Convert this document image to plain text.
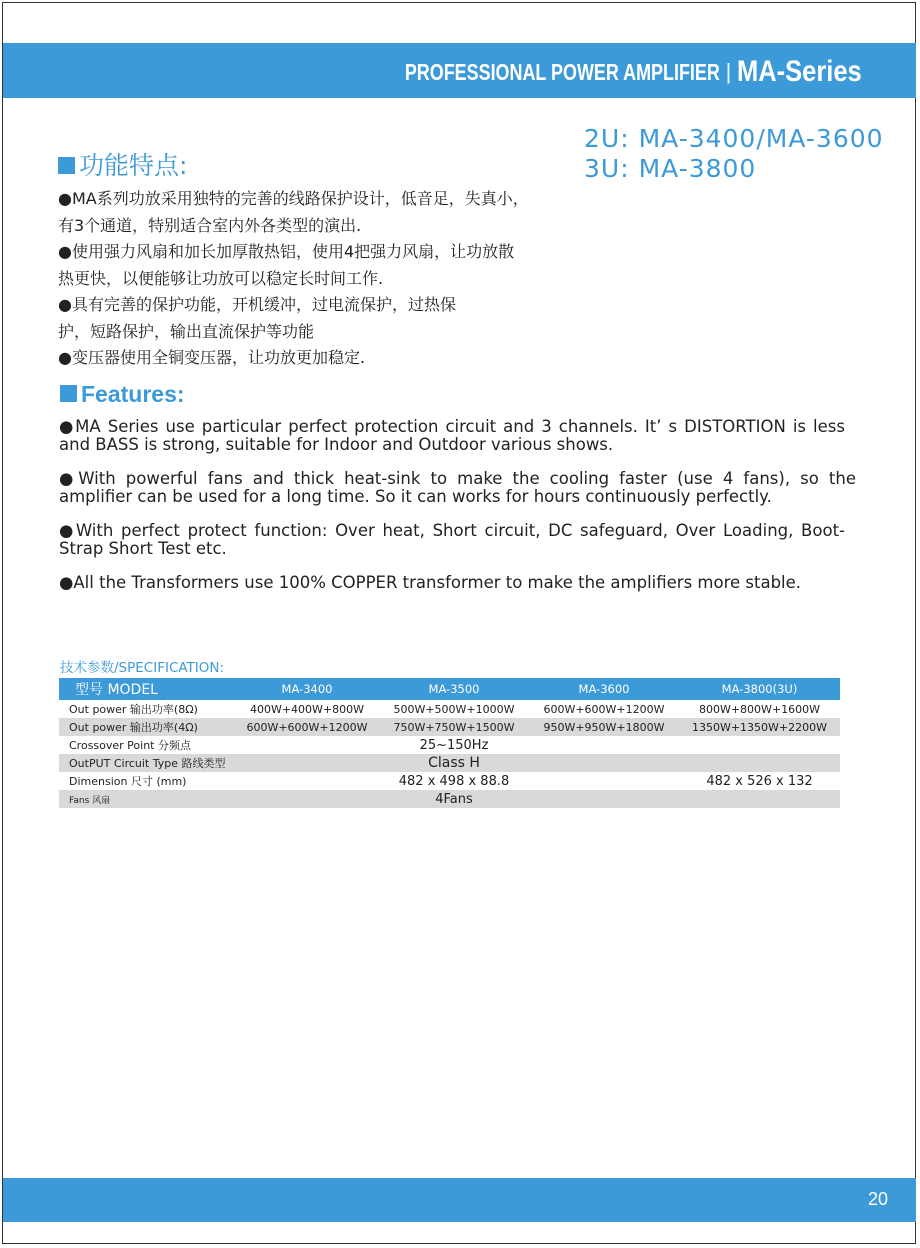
PROFESSIONAL POWER AMPLIFIER | MA-Series
2U: MA-3400/MA-3600
3U: MA-3800
功能特点:

●MA系列功放采用独特的完善的线路保护设计，低音足，失真小，

有3个通道，特别适合室内外各类型的演出.

●使用强力风扇和加长加厚散热铝，使用4把强力风扇，让功放散

热更快，以便能够让功放可以稳定长时间工作.

●具有完善的保护功能，开机缓冲，过电流保护，过热保

护，短路保护，输出直流保护等功能

●变压器使用全铜变压器，让功放更加稳定.

Features:

●MA Series use particular perfect protection circuit and 3 channels. It’ s DISTORTION is less and BASS is strong, suitable for Indoor and Outdoor various shows.

●With powerful fans and thick heat-sink to make the cooling faster (use 4 fans), so the amplifier can be used for a long time. So it can works for hours continuously perfectly.

●With perfect protect function: Over heat, Short circuit, DC safeguard, Over Loading, Boot-Strap Short Test etc.

●All the Transformers use 100% COPPER transformer to make the amplifiers more stable.

技术参数/SPECIFICATION:
型号 MODEL	MA-3400	MA-3500	MA-3600	MA-3800(3U)
Out power 输出功率(8Ω)	400W+400W+800W	500W+500W+1000W	600W+600W+1200W	800W+800W+1600W
Out power 输出功率(4Ω)	600W+600W+1200W	750W+750W+1500W	950W+950W+1800W	1350W+1350W+2200W
Crossover Point 分频点		25~150Hz		
OutPUT Circuit Type 路线类型		Class H		
Dimension 尺寸 (mm)		482 x 498 x 88.8		482 x 526 x 132
Fans 风扇		4Fans		
20
